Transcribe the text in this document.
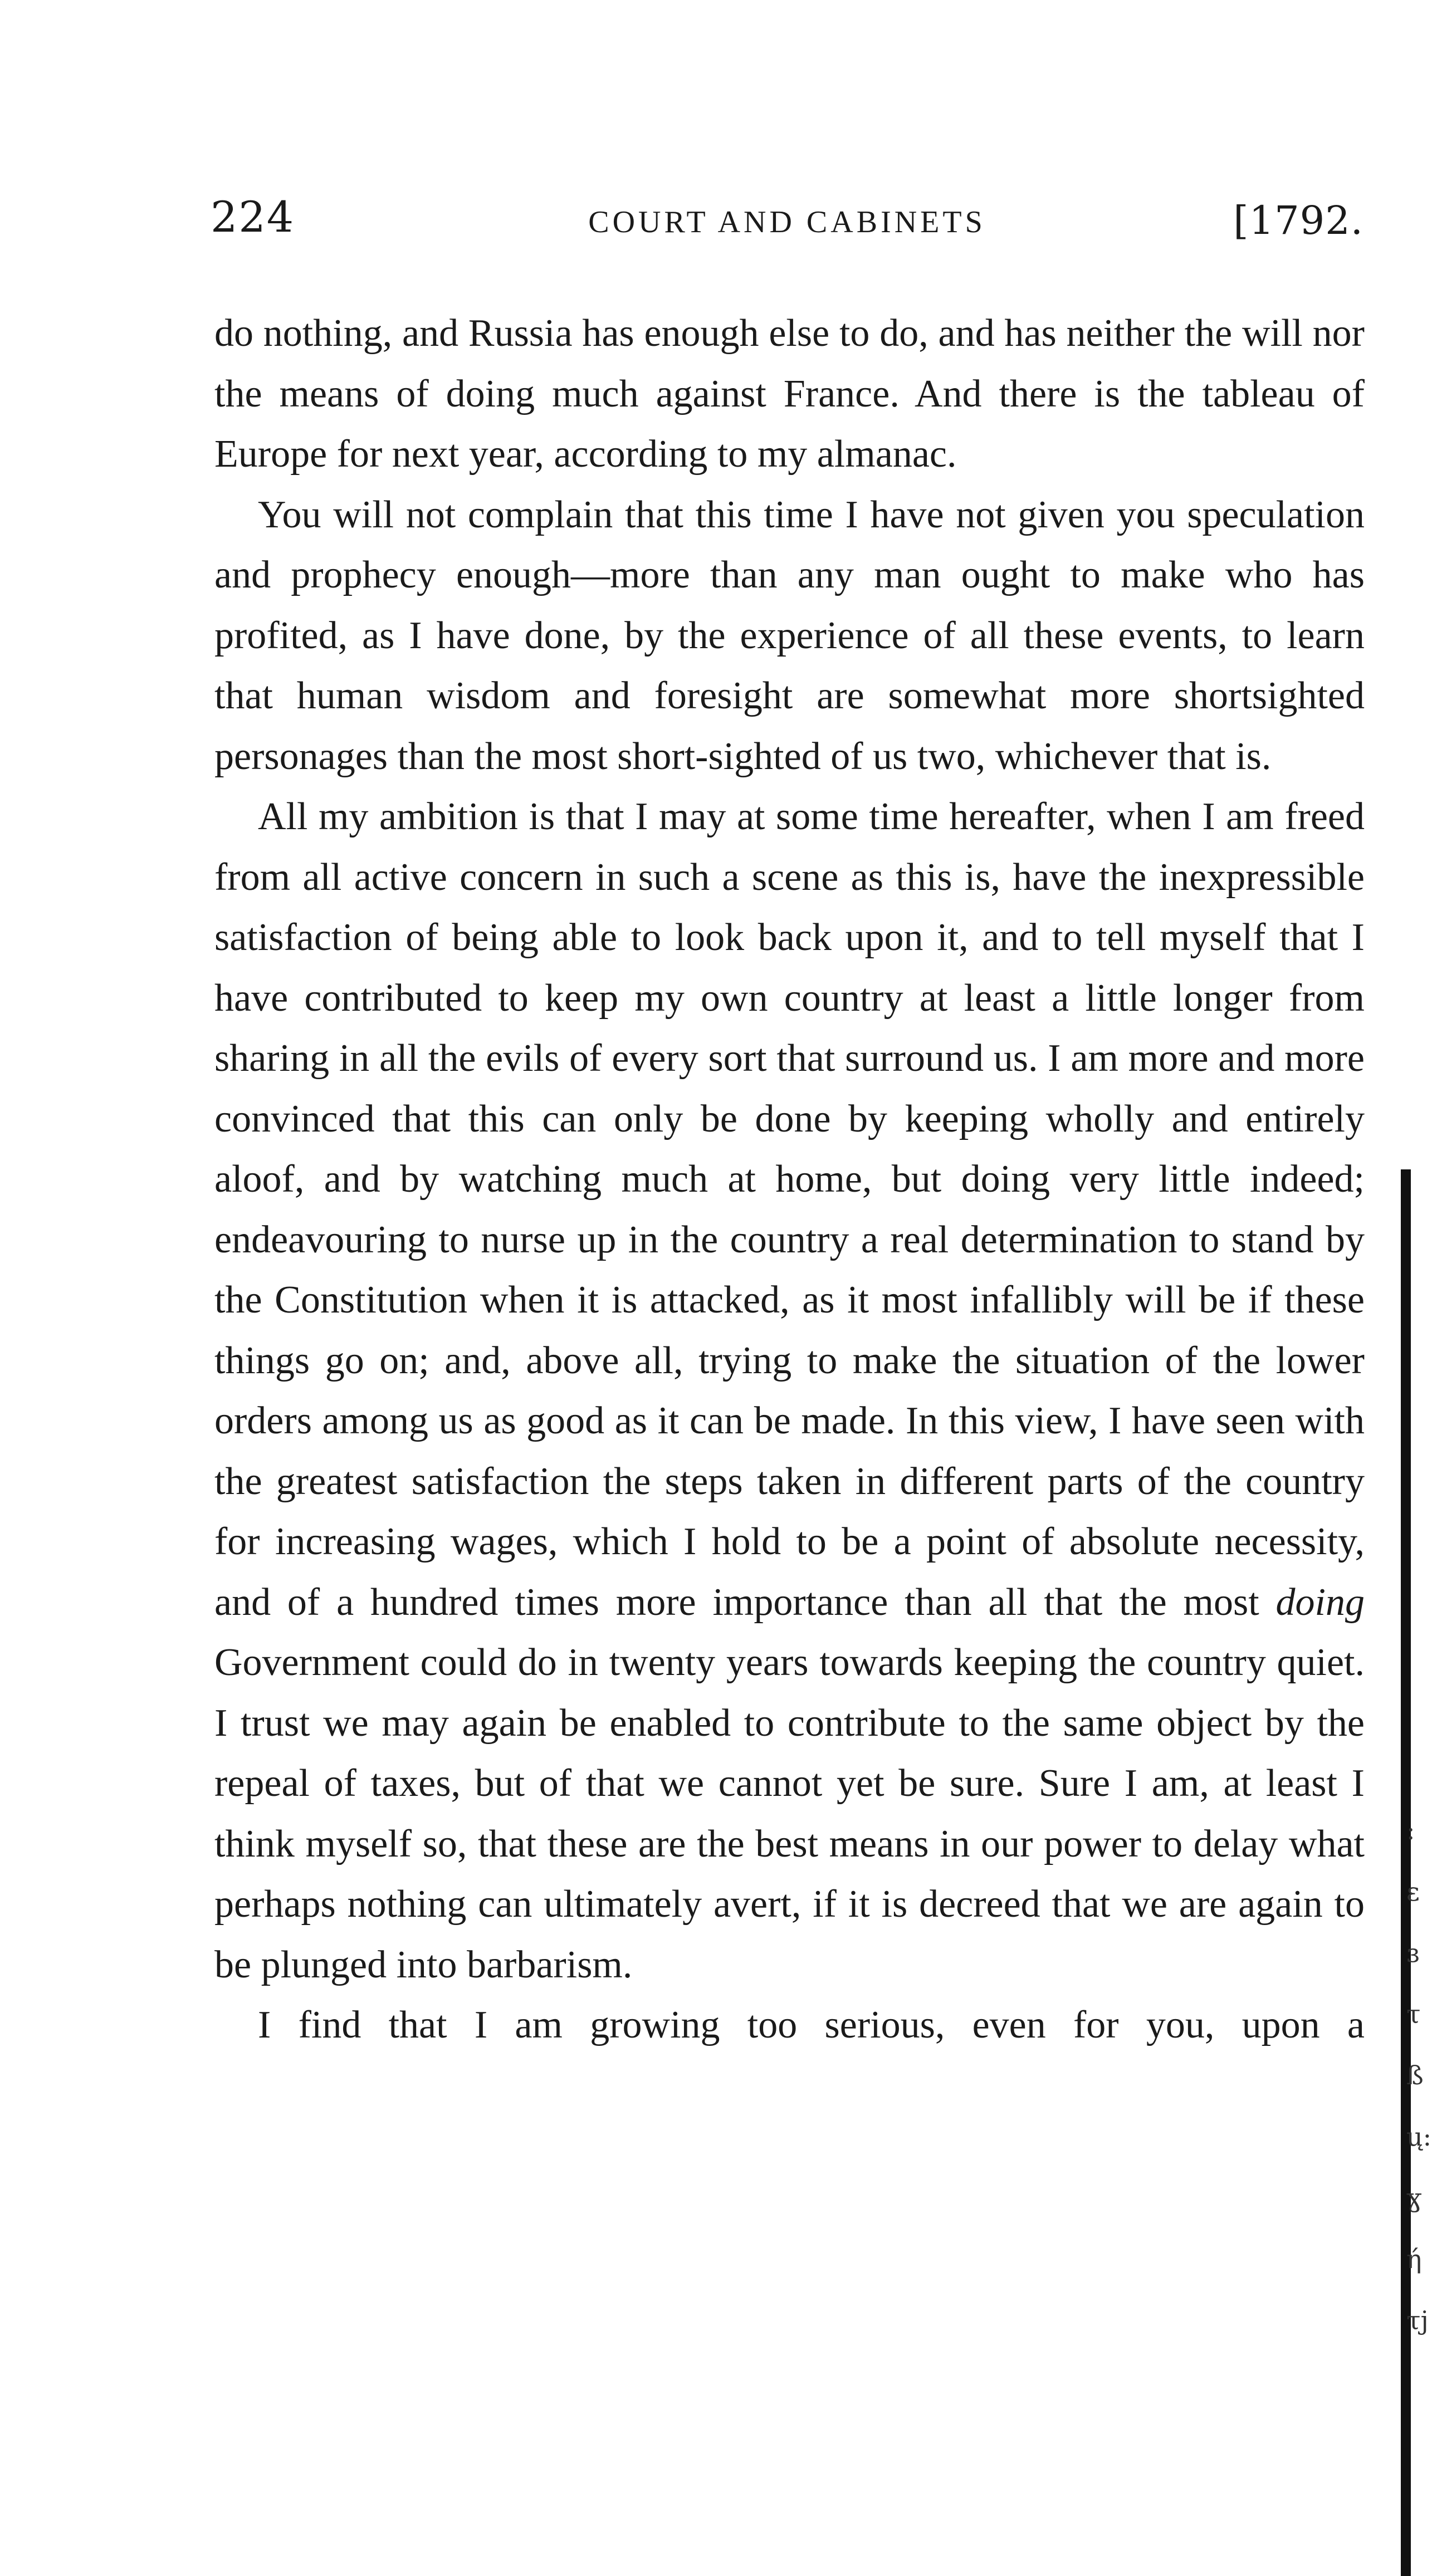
224	COURT AND CABINETS	[1792.

do nothing, and Russia has enough else to do, and has neither the will nor the means of doing much against France. And there is the tableau of Europe for next year, according to my almanac.

You will not complain that this time I have not given you speculation and prophecy enough—more than any man ought to make who has profited, as I have done, by the experience of all these events, to learn that human wisdom and foresight are somewhat more shortsighted personages than the most short-sighted of us two, whichever that is.

All my ambition is that I may at some time hereafter, when I am freed from all active concern in such a scene as this is, have the inexpressible satisfaction of being able to look back upon it, and to tell myself that I have contributed to keep my own country at least a little longer from sharing in all the evils of every sort that surround us. I am more and more convinced that this can only be done by keeping wholly and entirely aloof, and by watching much at home, but doing very little indeed; endeavouring to nurse up in the country a real determination to stand by the Constitution when it is attacked, as it most infallibly will be if these things go on; and, above all, trying to make the situation of the lower orders among us as good as it can be made. In this view, I have seen with the greatest satisfaction the steps taken in different parts of the country for increasing wages, which I hold to be a point of absolute necessity, and of a hundred times more importance than all that the most doing Government could do in twenty years towards keeping the country quiet. I trust we may again be enabled to contribute to the same object by the repeal of taxes, but of that we cannot yet be sure. Sure I am, at least I think myself so, that these are the best means in our power to delay what perhaps nothing can ultimately avert, if it is decreed that we are again to be plunged into barbarism.

I find that I am growing too serious, even for you, upon a

:
ε
ɜ
τ
ß
ų:
ɣ
ή
τϳ
